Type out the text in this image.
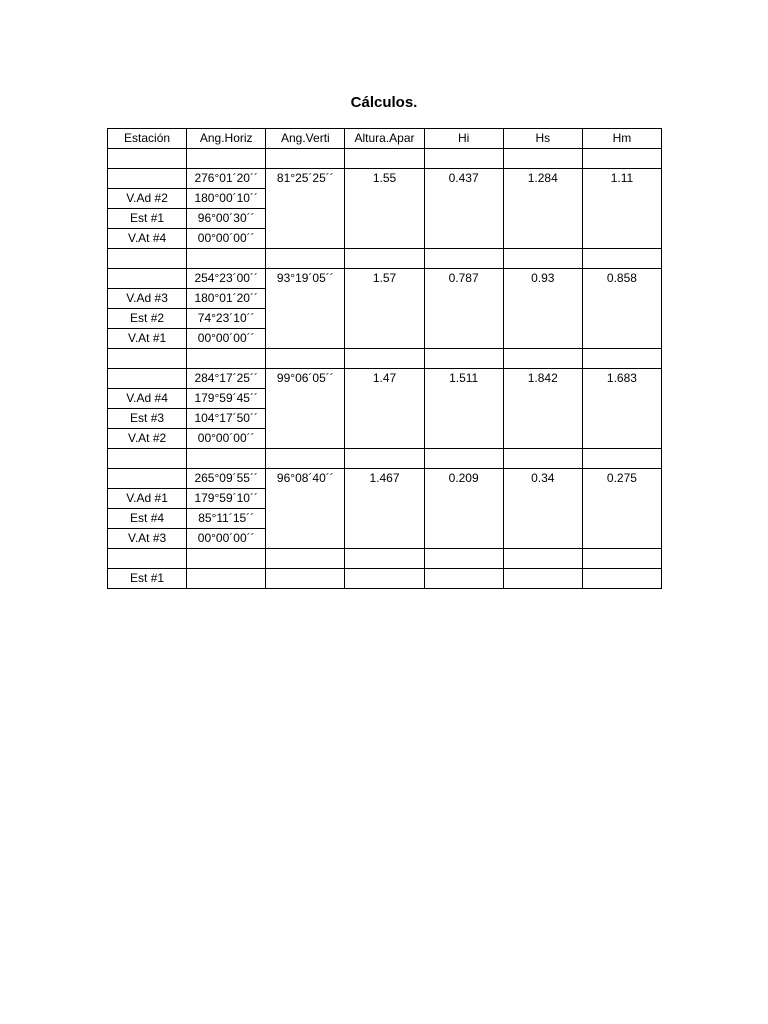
Cálculos.
Estación	Ang.Horiz	Ang.Verti	Altura.Apar	Hi	Hs	Hm

	276°01´20´´	81°25´25´´	1.55	0.437	1.284	1.11
V.Ad #2	180°00´10´´					
Est #1	96°00´30´´					
V.At #4	00°00´00´´					

	254°23´00´´	93°19´05´´	1.57	0.787	0.93	0.858
V.Ad #3	180°01´20´´					
Est #2	74°23´10´´					
V.At #1	00°00´00´´					

	284°17´25´´	99°06´05´´	1.47	1.511	1.842	1.683
V.Ad #4	179°59´45´´					
Est #3	104°17´50´´					
V.At #2	00°00´00´´					

	265°09´55´´	96°08´40´´	1.467	0.209	0.34	0.275
V.Ad #1	179°59´10´´					
Est #4	85°11´15´´					
V.At #3	00°00´00´´					

Est #1						
